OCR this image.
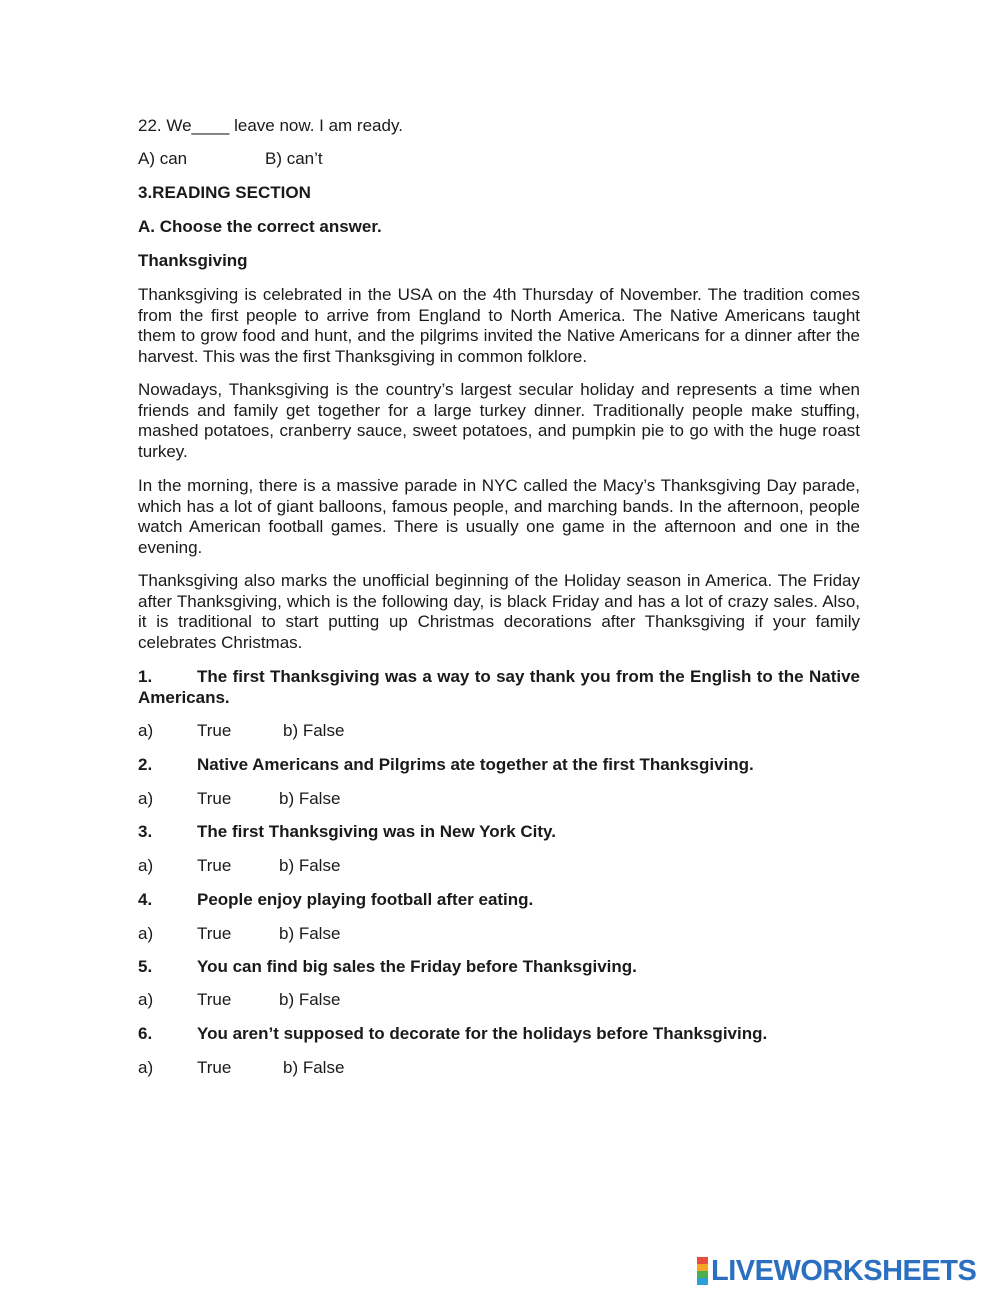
22. We____ leave now. I am ready.
A) can	B) can’t
3.READING SECTION
A. Choose the correct answer.
Thanksgiving
Thanksgiving is celebrated in the USA on the 4th Thursday of November. The tradition comes from the first people to arrive from England to North America. The Native Americans taught them to grow food and hunt, and the pilgrims invited the Native Americans for a dinner after the harvest. This was the first Thanksgiving in common folklore.
Nowadays, Thanksgiving is the country’s largest secular holiday and represents a time when friends and family get together for a large turkey dinner. Traditionally people make stuffing, mashed potatoes, cranberry sauce, sweet potatoes, and pumpkin pie to go with the huge roast turkey.
In the morning, there is a massive parade in NYC called the Macy’s Thanksgiving Day parade, which has a lot of giant balloons, famous people, and marching bands. In the afternoon, people watch American football games. There is usually one game in the afternoon and one in the evening.
Thanksgiving also marks the unofficial beginning of the Holiday season in America. The Friday after Thanksgiving, which is the following day, is black Friday and has a lot of crazy sales. Also, it is traditional to start putting up Christmas decorations after Thanksgiving if your family celebrates Christmas.
1.	The first Thanksgiving was a way to say thank you from the English to the Native Americans.
a)	True	b) False
2.	Native Americans and Pilgrims ate together at the first Thanksgiving.
a)	True	b) False
3.	The first Thanksgiving was in New York City.
a)	True	b) False
4.	People enjoy playing football after eating.
a)	True	b) False
5.	You can find big sales the Friday before Thanksgiving.
a)	True	b) False
6.	You aren’t supposed to decorate for the holidays before Thanksgiving.
a)	True	b) False
LIVEWORKSHEETS
